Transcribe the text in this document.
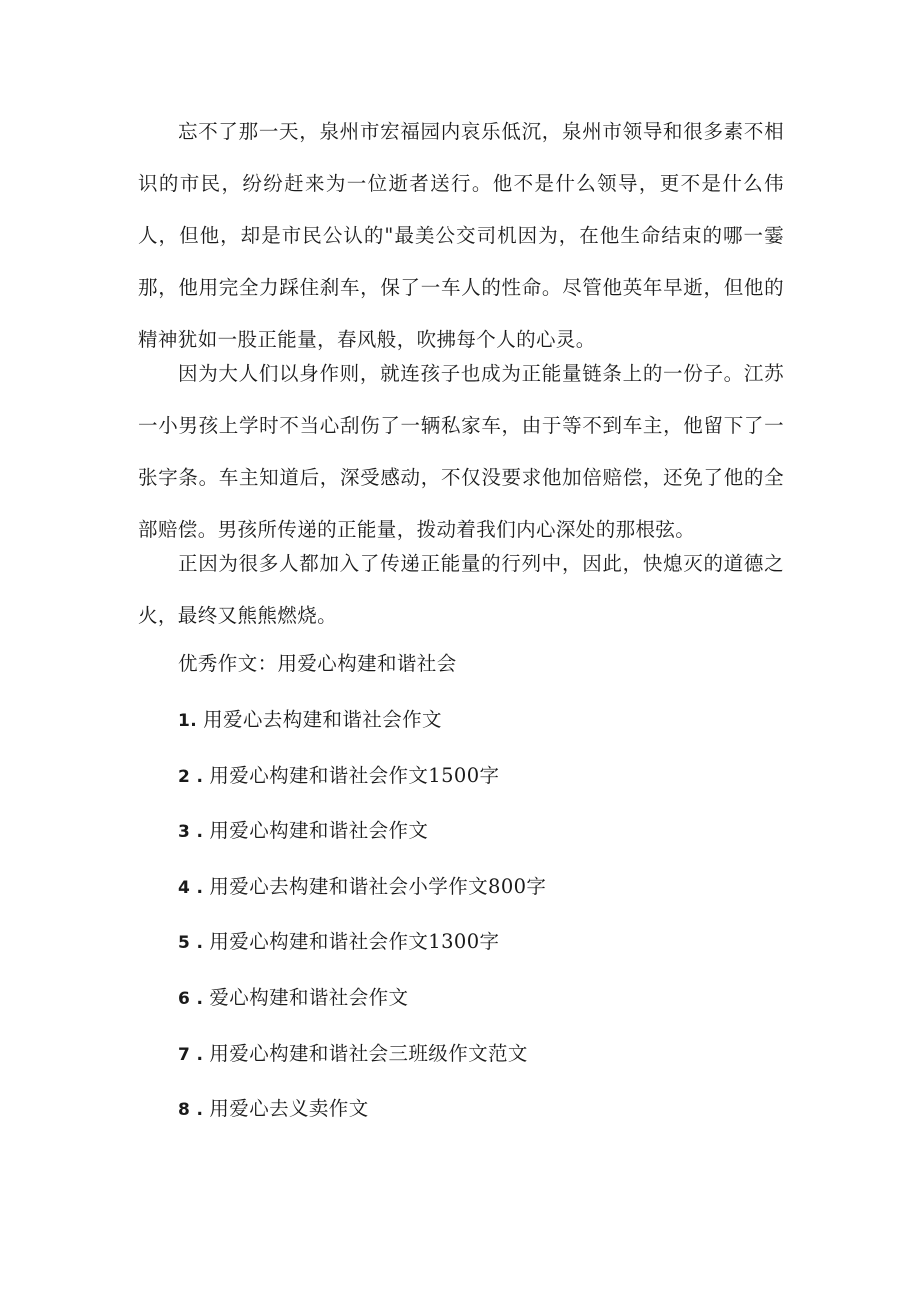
忘不了那一天，泉州市宏福园内哀乐低沉，泉州市领导和很多素不相识的市民，纷纷赶来为一位逝者送行。他不是什么领导，更不是什么伟人，但他，却是市民公认的"最美公交司机因为，在他生命结束的哪一霎那，他用完全力踩住刹车，保了一车人的性命。尽管他英年早逝，但他的精神犹如一股正能量，春风般，吹拂每个人的心灵。

因为大人们以身作则，就连孩子也成为正能量链条上的一份子。江苏一小男孩上学时不当心刮伤了一辆私家车，由于等不到车主，他留下了一张字条。车主知道后，深受感动，不仅没要求他加倍赔偿，还免了他的全部赔偿。男孩所传递的正能量，拨动着我们内心深处的那根弦。

正因为很多人都加入了传递正能量的行列中，因此，快熄灭的道德之火，最终又熊熊燃烧。

优秀作文：用爱心构建和谐社会
1. 用爱心去构建和谐社会作文
2 . 用爱心构建和谐社会作文1500字
3 . 用爱心构建和谐社会作文
4 . 用爱心去构建和谐社会小学作文800字
5 . 用爱心构建和谐社会作文1300字
6 . 爱心构建和谐社会作文
7 . 用爱心构建和谐社会三班级作文范文
8 . 用爱心去义卖作文
